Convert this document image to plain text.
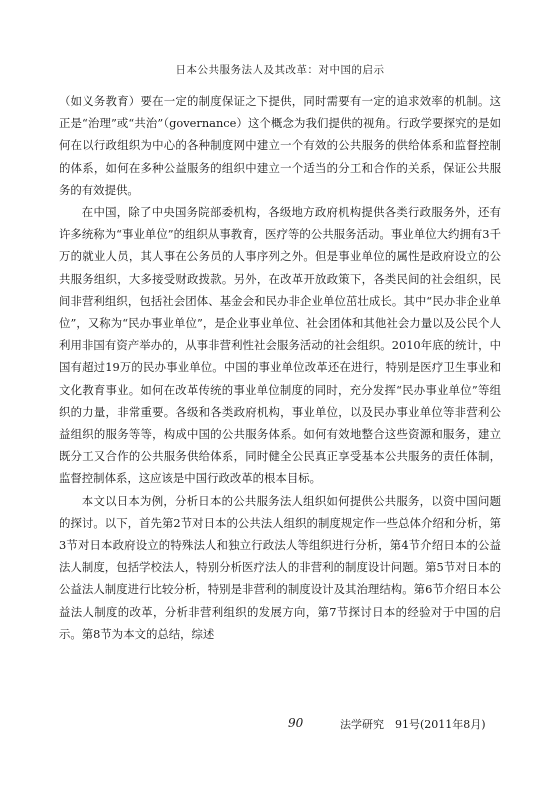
日本公共服务法人及其改革：对中国的启示

（如义务教育）要在一定的制度保证之下提供，同时需要有一定的追求效率的机制。这正是“治理”或“共治”（governance）这个概念为我们提供的视角。行政学要探究的是如何在以行政组织为中心的各种制度网中建立一个有效的公共服务的供给体系和监督控制的体系，如何在多种公益服务的组织中建立一个适当的分工和合作的关系，保证公共服务的有效提供。

在中国，除了中央国务院部委机构，各级地方政府机构提供各类行政服务外，还有许多统称为“事业单位”的组织从事教育，医疗等的公共服务活动。事业单位大约拥有3千万的就业人员，其人事在公务员的人事序列之外。但是事业单位的属性是政府设立的公共服务组织，大多接受财政拨款。另外，在改革开放政策下，各类民间的社会组织，民间非营利组织，包括社会团体、基金会和民办非企业单位茁壮成长。其中“民办非企业单位”，又称为“民办事业单位”，是企业事业单位、社会团体和其他社会力量以及公民个人利用非国有资产举办的，从事非营利性社会服务活动的社会组织。2010年底的统计，中国有超过19万的民办事业单位。中国的事业单位改革还在进行，特别是医疗卫生事业和文化教育事业。如何在改革传统的事业单位制度的同时，充分发挥“民办事业单位”等组织的力量，非常重要。各级和各类政府机构，事业单位，以及民办事业单位等非营利公益组织的服务等等，构成中国的公共服务体系。如何有效地整合这些资源和服务，建立既分工又合作的公共服务供给体系，同时健全公民真正享受基本公共服务的责任体制，监督控制体系，这应该是中国行政改革的根本目标。

本文以日本为例，分析日本的公共服务法人组织如何提供公共服务，以资中国问题的探讨。以下，首先第2节对日本的公共法人组织的制度规定作一些总体介绍和分析，第3节对日本政府设立的特殊法人和独立行政法人等组织进行分析，第4节介绍日本的公益法人制度，包括学校法人，特别分析医疗法人的非营利的制度设计问题。第5节对日本的公益法人制度进行比较分析，特别是非营利的制度设计及其治理结构。第6节介绍日本公益法人制度的改革，分析非营利组织的发展方向，第7节探讨日本的经验对于中国的启示。第8节为本文的总结，综述

90	法学研究　91号(2011年8月)
